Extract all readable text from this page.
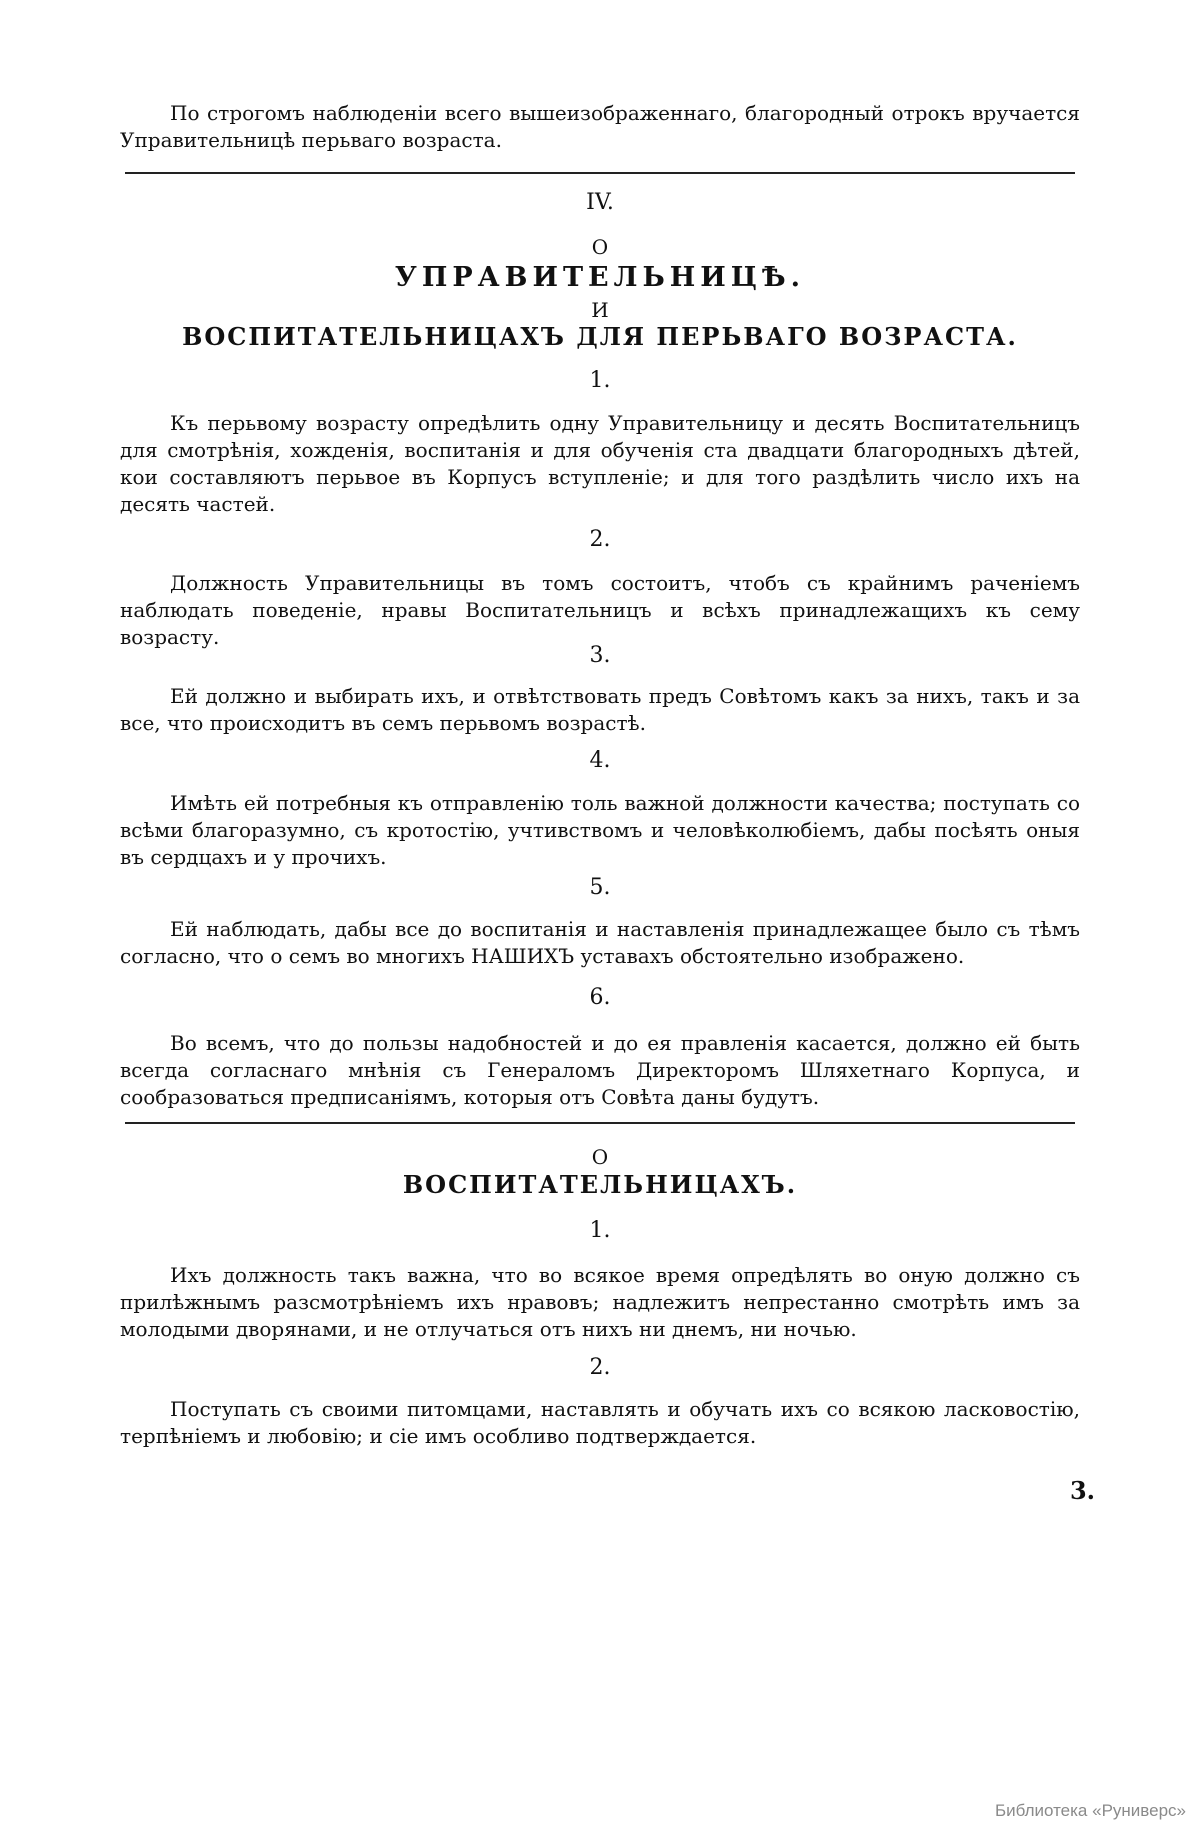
По строгомъ наблюденіи всего вышеизображеннаго, благородный отрокъ вручается Управительницѣ перьваго возраста.

IV.

О

УПРАВИТЕЛЬНИЦѢ.

И

ВОСПИТАТЕЛЬНИЦАХЪ ДЛЯ ПЕРЬВАГО ВОЗРАСТА.

1.

Къ перьвому возрасту опредѣлить одну Управительницу и десять Воспитательницъ для смотрѣнія, хожденія, воспитанія и для обученія ста двадцати благородныхъ дѣтей, кои составляютъ перьвое въ Корпусъ вступленіе; и для того раздѣлить число ихъ на десять частей.

2.

Должность Управительницы въ томъ состоитъ, чтобъ съ крайнимъ раченіемъ наблюдать поведеніе, нравы Воспитательницъ и всѣхъ принадлежащихъ къ сему возрасту.

3.

Ей должно и выбирать ихъ, и отвѣтствовать предъ Совѣтомъ какъ за нихъ, такъ и за все, что происходитъ въ семъ перьвомъ возрастѣ.

4.

Имѣть ей потребныя къ отправленію толь важной должности качества; поступать со всѣми благоразумно, съ кротостію, учтивствомъ и человѣколюбіемъ, дабы посѣять оныя въ сердцахъ и у прочихъ.

5.

Ей наблюдать, дабы все до воспитанія и наставленія принадлежащее было съ тѣмъ согласно, что о семъ во многихъ НАШИХЪ уставахъ обстоятельно изображено.

6.

Во всемъ, что до пользы надобностей и до ея правленія касается, должно ей быть всегда согласнаго мнѣнія съ Генераломъ Директоромъ Шляхетнаго Корпуса, и сообразоваться предписаніямъ, которыя отъ Совѣта даны будутъ.

О

ВОСПИТАТЕЛЬНИЦАХЪ.

1.

Ихъ должность такъ важна, что во всякое время опредѣлять во оную должно съ прилѣжнымъ разсмотрѣніемъ ихъ нравовъ; надлежитъ непрестанно смотрѣть имъ за молодыми дворянами, и не отлучаться отъ нихъ ни днемъ, ни ночью.

2.

Поступать съ своими питомцами, наставлять и обучать ихъ со всякою ласковостію, терпѣніемъ и любовію; и сіе имъ особливо подтверждается.

3.
Библиотека «Руниверс»
